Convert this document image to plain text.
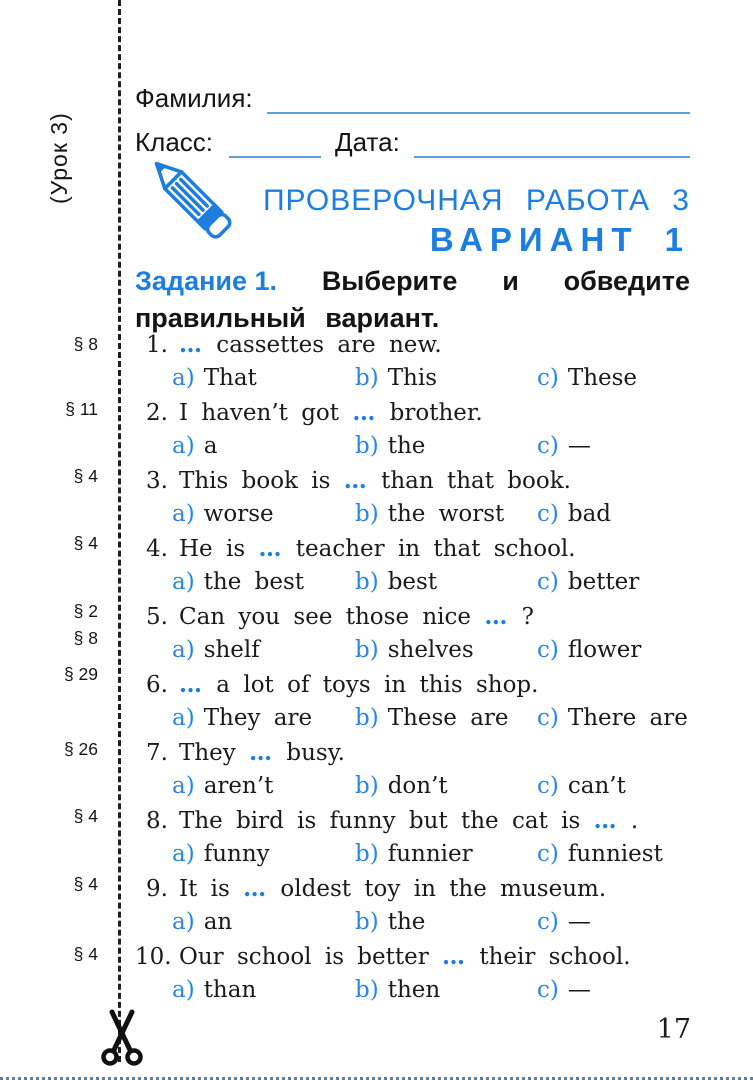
(Урок 3)
§ 8
§ 11
§ 4
§ 4
§ 2
§ 8
§ 29
§ 26
§ 4
§ 4
§ 4
Фамилия:
Класс:	Дата:
ПРОВЕРОЧНАЯ РАБОТА 3
ВАРИАНТ 1
Задание 1. Выберите и обведите
правильный вариант.
1. … cassettes are new.
a) That	b) This	c) These
2. I haven’t got … brother.
a) a	b) the	c) —
3. This book is … than that book.
a) worse	b) the worst c) bad
4. He is … teacher in that school.
a) the best b) best	c) better
5. Can you see those nice … ?
a) shelf	b) shelves	c) flower
6. … a lot of toys in this shop.
a) They are b) These are c) There are
7. They … busy.
a) aren’t	b) don’t	c) can’t
8. The bird is funny but the cat is … .
a) funny	b) funnier	c) funniest
9. It is … oldest toy in the museum.
a) an	b) the	c) —
10. Our school is better … their school.
a) than	b) then	c) —
17
